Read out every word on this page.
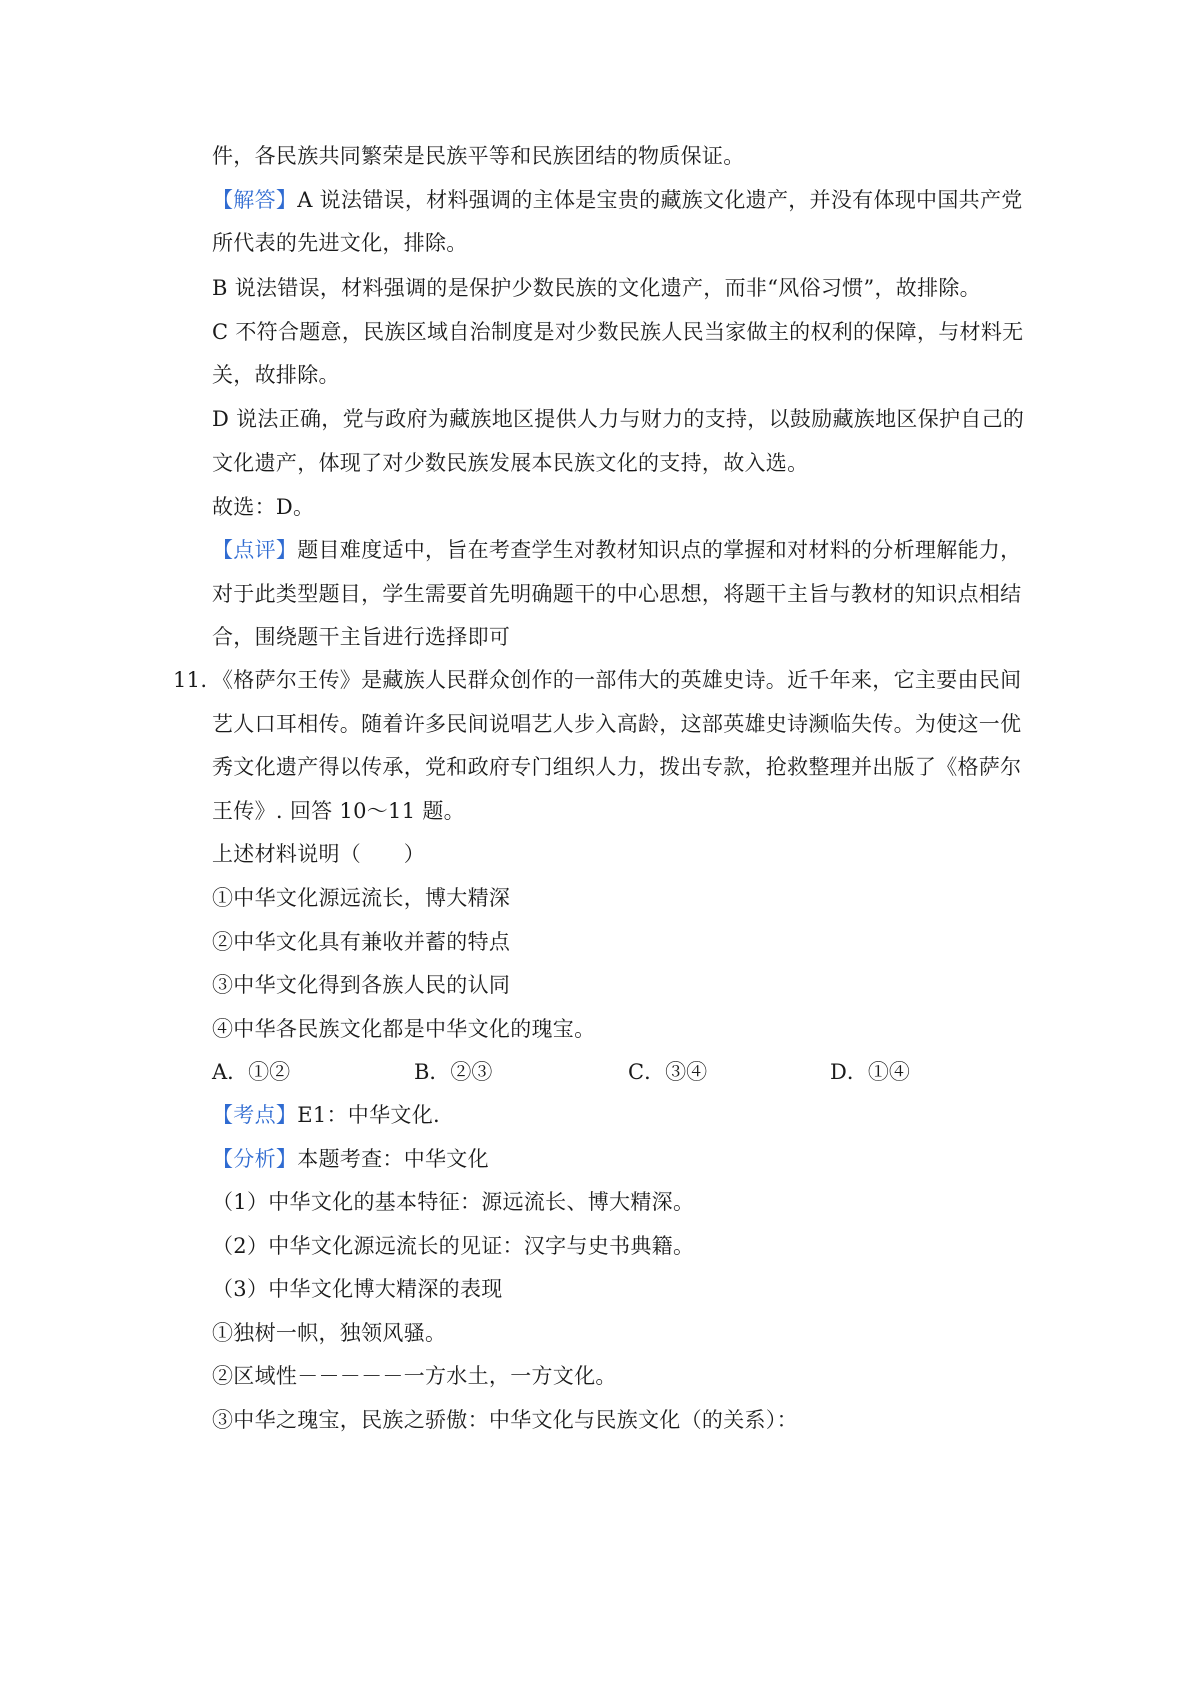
件，各民族共同繁荣是民族平等和民族团结的物质保证。
【解答】A 说法错误，材料强调的主体是宝贵的藏族文化遗产，并没有体现中国共产党
所代表的先进文化，排除。
B 说法错误，材料强调的是保护少数民族的文化遗产，而非“风俗习惯”，故排除。
C 不符合题意，民族区域自治制度是对少数民族人民当家做主的权利的保障，与材料无
关，故排除。
D 说法正确，党与政府为藏族地区提供人力与财力的支持，以鼓励藏族地区保护自己的
文化遗产，体现了对少数民族发展本民族文化的支持，故入选。
故选：D。
【点评】题目难度适中，旨在考查学生对教材知识点的掌握和对材料的分析理解能力，
对于此类型题目，学生需要首先明确题干的中心思想，将题干主旨与教材的知识点相结
合，围绕题干主旨进行选择即可
11. 《格萨尔王传》是藏族人民群众创作的一部伟大的英雄史诗。近千年来，它主要由民间
艺人口耳相传。随着许多民间说唱艺人步入高龄，这部英雄史诗濒临失传。为使这一优
秀文化遗产得以传承，党和政府专门组织人力，拨出专款，抢救整理并出版了《格萨尔
王传》. 回答 10～11 题。
上述材料说明（　　）
①中华文化源远流长，博大精深
②中华文化具有兼收并蓄的特点
③中华文化得到各族人民的认同
④中华各民族文化都是中华文化的瑰宝。
A．①②	B．②③	C．③④	D．①④
【考点】E1：中华文化.
【分析】本题考查：中华文化
（1）中华文化的基本特征：源远流长、博大精深。
（2）中华文化源远流长的见证：汉字与史书典籍。
（3）中华文化博大精深的表现
①独树一帜，独领风骚。
②区域性－－－－－一方水土，一方文化。
③中华之瑰宝，民族之骄傲：中华文化与民族文化（的关系）：
